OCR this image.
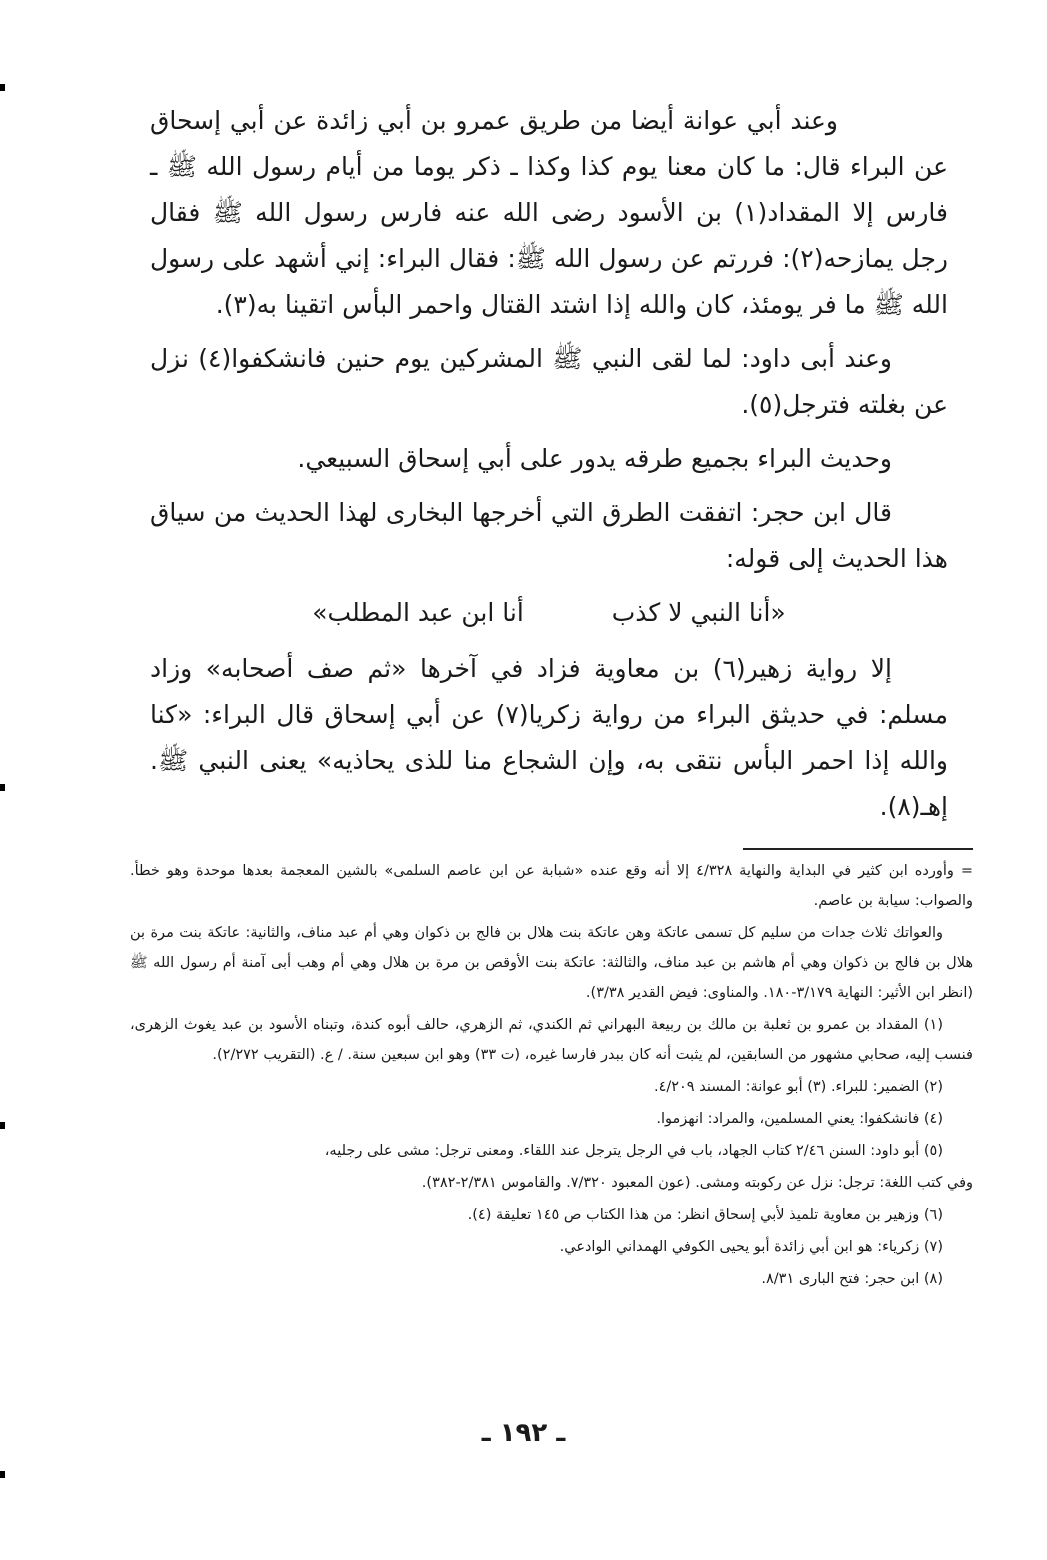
وعند أبي عوانة أيضا من طريق عمرو بن أبي زائدة عن أبي إسحاق عن البراء قال: ما كان معنا يوم كذا وكذا ـ ذكر يوما من أيام رسول الله ﷺ ـ فارس إلا المقداد(١) بن الأسود رضى الله عنه فارس رسول الله ﷺ فقال رجل يمازحه(٢): فررتم عن رسول الله ﷺ: فقال البراء: إني أشهد على رسول الله ﷺ ما فر يومئذ، كان والله إذا اشتد القتال واحمر البأس اتقينا به(٣).

وعند أبى داود: لما لقى النبي ﷺ المشركين يوم حنين فانشكفوا(٤) نزل عن بغلته فترجل(٥).

وحديث البراء بجميع طرقه يدور على أبي إسحاق السبيعي.

قال ابن حجر: اتفقت الطرق التي أخرجها البخارى لهذا الحديث من سياق هذا الحديث إلى قوله:

«أنا النبي لا كذب أنا ابن عبد المطلب»

إلا رواية زهير(٦) بن معاوية فزاد في آخرها «ثم صف أصحابه» وزاد مسلم: في حديثق البراء من رواية زكريا(٧) عن أبي إسحاق قال البراء: «كنا والله إذا احمر البأس نتقى به، وإن الشجاع منا للذى يحاذيه» يعنى النبي ﷺ. إهـ(٨).

= وأورده ابن كثير في البداية والنهاية ٤/٣٢٨ إلا أنه وقع عنده «شبابة عن ابن عاصم السلمى» بالشين المعجمة بعدها موحدة وهو خطأ. والصواب: سيابة بن عاصم.

والعواتك ثلاث جدات من سليم كل تسمى عاتكة وهن عاتكة بنت هلال بن فالج بن ذكوان وهي أم عبد مناف، والثانية: عاتكة بنت مرة بن هلال بن فالج بن ذكوان وهي أم هاشم بن عبد مناف، والثالثة: عاتكة بنت الأوقص بن مرة بن هلال وهي أم وهب أبى آمنة أم رسول الله ﷺ (انظر ابن الأثير: النهاية ٣/١٧٩-١٨٠. والمناوى: فيض القدير ٣/٣٨).

(١) المقداد بن عمرو بن ثعلبة بن مالك بن ربيعة البهراني ثم الكندي، ثم الزهري، حالف أبوه كندة، وتبناه الأسود بن عبد يغوث الزهرى، فنسب إليه، صحابي مشهور من السابقين، لم يثبت أنه كان ببدر فارسا غيره، (ت ٣٣) وهو ابن سبعين سنة. / ع. (التقريب ٢/٢٧٢).

(٢) الضمير: للبراء. (٣) أبو عوانة: المسند ٤/٢٠٩.

(٤) فانشكفوا: يعني المسلمين، والمراد: انهزموا.

(٥) أبو داود: السنن ٢/٤٦ كتاب الجهاد، باب في الرجل يترجل عند اللقاء. ومعنى ترجل: مشى على رجليه،

وفي كتب اللغة: ترجل: نزل عن ركوبته ومشى. (عون المعبود ٧/٣٢٠. والقاموس ٢/٣٨١-٣٨٢).

(٦) وزهير بن معاوية تلميذ لأبي إسحاق انظر: من هذا الكتاب ص ١٤٥ تعليقة (٤).

(٧) زكرياء: هو ابن أبي زائدة أبو يحيى الكوفي الهمداني الوادعي.

(٨) ابن حجر: فتح البارى ٨/٣١.

ـ ١٩٢ ـ
